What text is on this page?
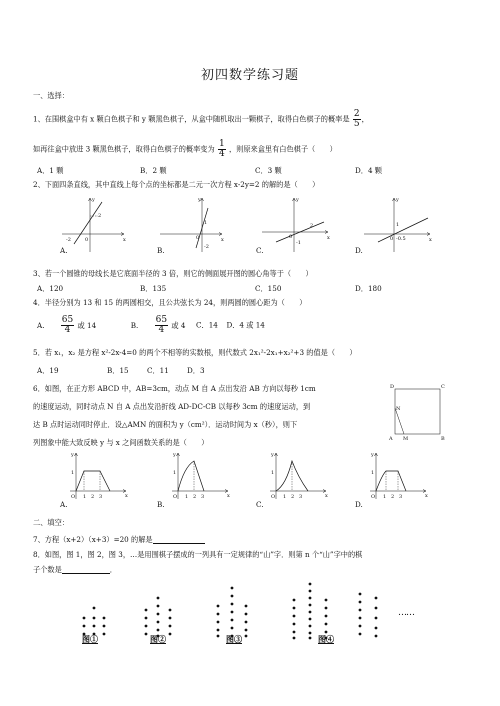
初四数学练习题
一、选择：
1、在围棋盒中有 x 颗白色棋子和 y 颗黑色棋子，从盒中随机取出一颗棋子，取得白色棋子的概率是 $\frac{2}{5}$ ，
如再往盒中放进 3 颗黑色棋子，取得白色棋子的概率变为 $\frac{1}{4}$ ，则原来盒里有白色棋子（　　）
A．1 颗	B．2 颗	C．3 颗	D．4 颗
2、下面四条直线，其中直线上每个点的坐标都是二元一次方程 x-2y=2 的解的是（　　）
-2	0
2
x
y
1
0
-2
x
y
2
0
-1
x
y
1
0 -0.5	x
y
A.	B.	C.	D.
3、若一个圆锥的母线长是它底面半径的 3 倍，则它的侧面展开图的圆心角等于（　　）
A．120	B．135	C．150	D．180
4．半径分别为 13 和 15 的两圆相交，且公共弦长为 24，则两圆的圆心距为（　　）
A. $\frac{65}{4}$ 或 14	B. $\frac{65}{4}$ 或 4 C．14 D．4 或 14
5．若 x₁，x₂ 是方程 x²-2x-4=0 的两个不相等的实数根，则代数式 2x₁²-2x₁+x₂²+3 的值是（　　）
A．19	B．15	C．11	D．3
6．如图，在正方形 ABCD 中，AB=3cm，动点 M 自 A 点出发沿 AB 方向以每秒 1cm
的速度运动，同时动点 N 自 A 点出发沿折线 AD-DC-CB 以每秒 3cm 的速度运动，到
达 B 点时运动同时停止．设△AMN 的面积为 y（cm²）．运动时间为 x（秒），则下
列图象中能大致反映 y 与 x 之间函数关系的是（　　）
D	C
A	B
M
N
O 1 2 3
1
x
y
O 1 2 3
1
x
y
O 1 2 3
1
x
y
O 1 2 3
1
x
y
A.	B.	C.	D.
二、填空：
7、方程（x+2）（x+3）=20 的解是
8．如图，图 1，图 2，图 3，…是用围棋子摆成的一列具有一定规律的“山”字．则第 n 个“山”字中的棋
子个数是	．
……
图①	图②	图③	图④
